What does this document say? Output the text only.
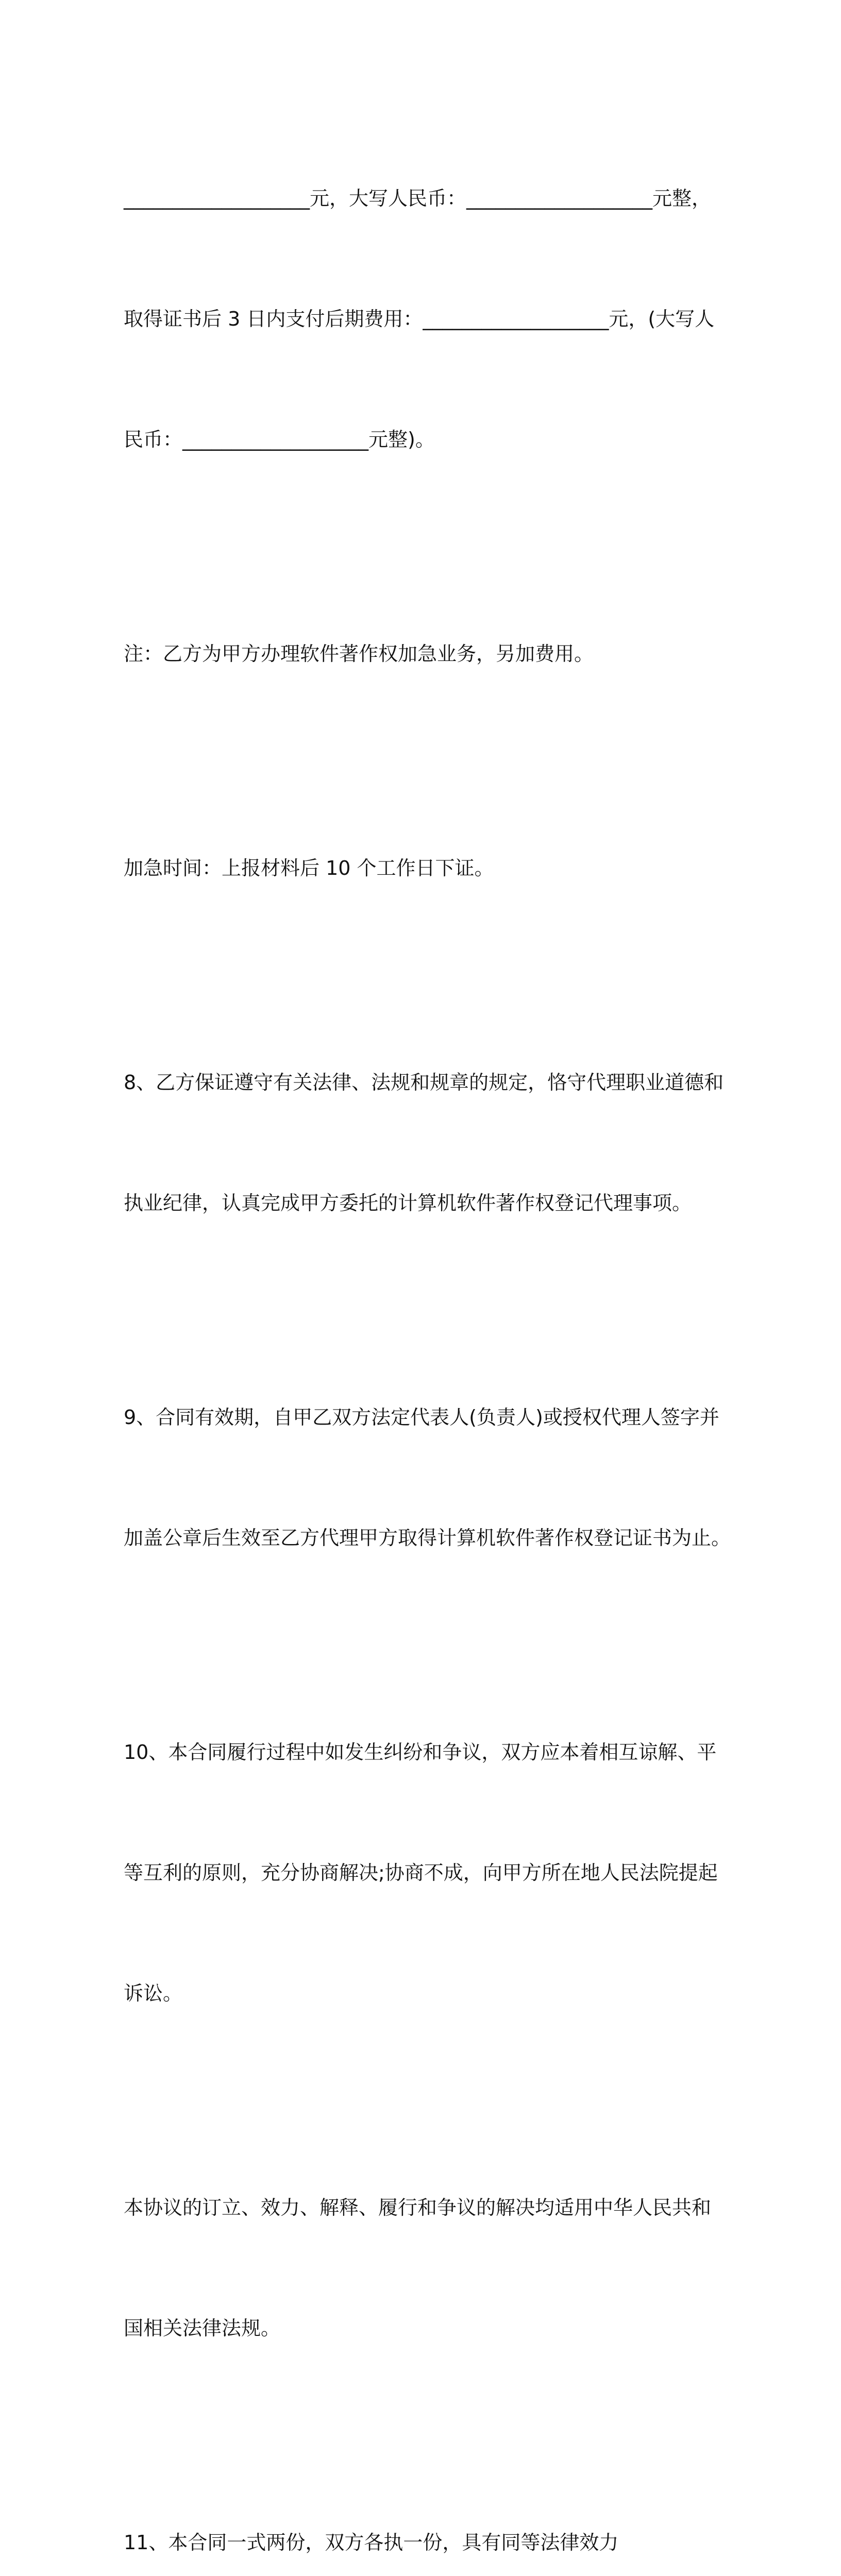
___________________元，大写人民币：___________________元整，

取得证书后 3 日内支付后期费用：___________________元，(大写人

民币：___________________元整)。

注：乙方为甲方办理软件著作权加急业务，另加费用。

加急时间：上报材料后 10 个工作日下证。

8、乙方保证遵守有关法律、法规和规章的规定，恪守代理职业道德和

执业纪律，认真完成甲方委托的计算机软件著作权登记代理事项。

9、合同有效期，自甲乙双方法定代表人(负责人)或授权代理人签字并

加盖公章后生效至乙方代理甲方取得计算机软件著作权登记证书为止。

10、本合同履行过程中如发生纠纷和争议，双方应本着相互谅解、平

等互利的原则，充分协商解决;协商不成，向甲方所在地人民法院提起

诉讼。

本协议的订立、效力、解释、履行和争议的解决均适用中华人民共和

国相关法律法规。

11、本合同一式两份，双方各执一份，具有同等法律效力
